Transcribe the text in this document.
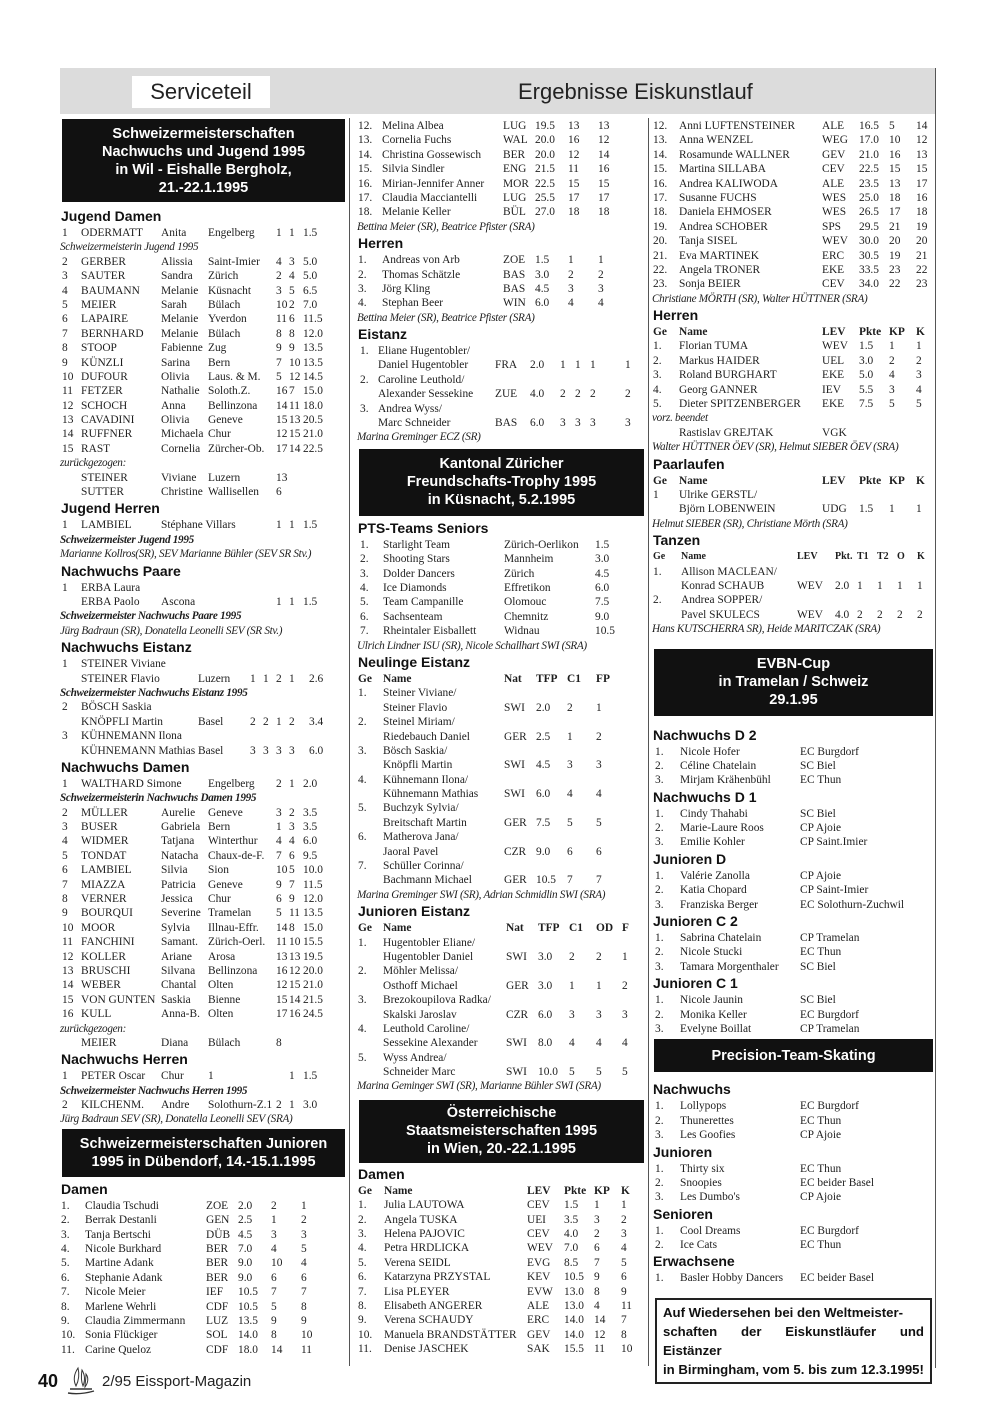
Serviceteil	Ergebnisse Eiskunstlauf
Schweizermeisterschaften
Nachwuchs und Jugend 1995
in Wil - Eishalle Bergholz,
21.-22.1.1995
Jugend Damen
1	ODERMATT	Anita	Engelberg	1 1 1.5
Schweizermeisterin Jugend 1995
2	GERBER	Alissia	Saint-Imier	4 3 5.0
3	SAUTER	Sandra	Zürich	2 4 5.0
4	BAUMANN	Melanie Küsnacht	3 5 6.5
5	MEIER	Sarah	Bülach	10 2 7.0
6	LAPAIRE	Melanie Yverdon	11 6 11.5
7	BERNHARD	Melanie Bülach	8 8 12.0
8	STOOP	Fabienne Zug	9 9 13.5
9	KÜNZLI	Sarina	Bern	7 10 13.5
10 DUFOUR	Olivia	Laus. & M.	5 12 14.5
11 FETZER	Nathalie Soloth.Z.	16 7 15.0
12 SCHOCH	Anna	Bellinzona	14 11 18.0
13 CAVADINI	Olivia	Geneve	15 13 20.5
14 RUFFNER	Michaela Chur	12 15 21.0
15 RAST	Cornelia Zürcher-Ob.	17 14 22.5
zurückgezogen:
STEINER	Viviane	Luzern	13
SUTTER	Christine Wallisellen	6
Jugend Herren
1	LAMBIEL	Stéphane Villars	1 1 1.5
Schweizermeister Jugend 1995
Marianne Kollros(SR), SEV Marianne Bühler (SEV SR Stv.)
Nachwuchs Paare
1	ERBA Laura
ERBA Paolo	Ascona	1 1 1.5
Schweizermeister Nachwuchs Paare 1995
Jürg Badraun (SR), Donatella Leonelli SEV (SR Stv.)
Nachwuchs Eistanz
1	STEINER Viviane
STEINER Flavio	Luzern	1 1 2 1	2.6
Schweizermeister Nachwuchs Eistanz 1995
2	BÖSCH Saskia
KNÖPFLI Martin	Basel	2 2 1 2	3.4
3	KÜHNEMANN Ilona
KÜHNEMANN Mathias Basel	3 3 3 3	6.0
Nachwuchs Damen
1	WALTHARD Simone Engelberg	2 1 2.0
Schweizermeisterin Nachwuchs Damen 1995
2	MÜLLER	Aurelie	Geneve	3 2 3.5
3	BUSER	Gabriela Bern	1 3 3.5
4	WIDMER	Tatjana	Winterthur	4 4 6.0
5	TONDAT	Natacha Chaux-de-F.	7 6 9.5
6	LAMBIEL	Silvia	Sion	10 5 10.0
7	MIAZZA	Patricia	Geneve	9 7 11.5
8	VERNER	Jessica	Chur	6 9 12.0
9	BOURQUI	Severine Tramelan	5 11 13.5
10 MOOR	Sylvia	Illnau-Effr.	14 8 15.0
11 FANCHINI	Samant. Zürich-Oerl. 11 10 15.5
12 KOLLER	Ariane	Arosa	13 13 19.5
13 BRUSCHI	Silvana	Bellinzona	16 12 20.0
14 WEBER	Chantal	Olten	12 15 21.0
15 VON GUNTEN Saskia	Bienne	15 14 21.5
16 KULL	Anna-B. Olten	17 16 24.5
zurückgezogen:
MEIER	Diana	Bülach	8
Nachwuchs Herren
1	PETER Oscar	Chur	1	1 1.5
Schweizermeister Nachwuchs Herren 1995
2	KILCHENM.	Andre	Solothurn-Z.1 2 1 3.0
Jürg Badraun SEV (SR), Donatella Leonelli SEV (SRA)
Schweizermeisterschaften Junioren
1995 in Dübendorf, 14.-15.1.1995
Damen
1.	Claudia Tschudi	ZOE 2.0	2	1
2.	Berrak Destanli	GEN 2.5	1	2
3.	Tanja Bertschi	DÜB 4.5	3	3
4.	Nicole Burkhard	BER 7.0	4	5
5.	Martine Adank	BER 9.0	10	4
6.	Stephanie Adank	BER 9.0	6	6
7.	Nicole Meier	IEF	10.5	7	7
8.	Marlene Wehrli	CDF 10.5	5	8
9.	Claudia Zimmermann	LUZ 13.5	9	9
10. Sonia Flückiger	SOL 14.0	8	10
11. Carine Queloz	CDF 18.0	14	11
12. Melina Albea	LUG 19.5	13	13
13. Cornelia Fuchs	WAL 20.0	16	12
14. Christina Gossewisch	BER 20.0	12	14
15. Silvia Sindler	ENG 21.5	11	16
16. Mirian-Jennifer Anner	MOR 22.5	15	15
17. Claudia Macciantelli	LUG 25.5	17	17
18. Melanie Keller	BÜL 27.0	18	18
Bettina Meier (SR), Beatrice Pfister (SRA)
Herren
1.	Andreas von Arb	ZOE 1.5	1	1
2.	Thomas Schätzle	BAS 3.0	2	2
3.	Jörg Kling	BAS 4.5	3	3
4.	Stephan Beer	WIN 6.0	4	4
Bettina Meier (SR), Beatrice Pfister (SRA)
Eistanz
1. Eliane Hugentobler/
Daniel Hugentobler	FRA	2.0	1 1 1	1
2. Caroline Leuthold/
Alexander Sessekine	ZUE	4.0	2 2 2	2
3. Andrea Wyss/
Marc Schneider	BAS	6.0	3 3 3	3
Marina Greminger ECZ (SR)
Kantonal Züricher
Freundschafts-Trophy 1995
in Küsnacht, 5.2.1995
PTS-Teams Seniors
1.	Starlight Team	Zürich-Oerlikon	1.5
2.	Shooting Stars	Mannheim	3.0
3.	Dolder Dancers	Zürich	4.5
4.	Ice Diamonds	Effretikon	6.0
5.	Team Campanille	Olomouc	7.5
6.	Sachsenteam	Chemnitz	9.0
7.	Rheintaler Eisballett	Widnau	10.5
Ulrich Lindner ISU (SR), Nicole Schallhart SWI (SRA)
Neulinge Eistanz
Ge Name	Nat	TFP C1	FP
1.	Steiner Viviane/
Steiner Flavio	SWI 2.0	2	1
2.	Steinel Miriam/
Riedebauch Daniel	GER 2.5	1	2
3.	Bösch Saskia/
Knöpfli Martin	SWI 4.5	3	3
4.	Kühnemann Ilona/
Kühnemann Mathias	SWI 6.0	4	4
5.	Buchzyk Sylvia/
Breitschaft Martin	GER 7.5	5	5
6.	Matherova Jana/
Jaoral Pavel	CZR 9.0	6	6
7.	Schüller Corinna/
Bachmann Michael	GER 10.5 7	7
Marina Greminger SWI (SR), Adrian Schmidlin SWI (SRA)
Junioren Eistanz
Ge Name	Nat	TFP C1	OD F
1.	Hugentobler Eliane/
Hugentobler Daniel	SWI 3.0	2	2	1
2.	Möhler Melissa/
Osthoff Michael	GER 3.0	1	1	2
3.	Brezokoupilova Radka/
Skalski Jaroslav	CZR 6.0	3	3	3
4.	Leuthold Caroline/
Sessekine Alexander	SWI 8.0	4	4	4
5.	Wyss Andrea/
Schneider Marc	SWI 10.0 5	5	5
Marina Geminger SWI (SR), Marianne Bühler SWI (SRA)
Österreichische
Staatsmeisterschaften 1995
in Wien, 20.-22.1.1995
Damen
Ge	Name	LEV	Pkte KP K
1.	Julia LAUTOWA	CEV	1.5	1	1
2.	Angela TUSKA	UEI	3.5	3	2
3.	Helena PAJOVIC	CEV	4.0	2	3
4.	Petra HRDLICKA	WEV 7.0	6	4
5.	Verena SEIDL	EVG	8.5	7	5
6.	Katarzyna PRZYSTAL	KEV	10.5 9	6
7.	Lisa PLEYER	EVW 13.0 8	9
8.	Elisabeth ANGERER	ALE	13.0 4	11
9.	Verena SCHAUDY	ERC	14.0 14	7
10.	Manuela BRANDSTÄTTER GEV	14.0 12	8
11.	Denise JASCHEK	SAK	15.5 11	10
12.	Anni LUFTENSTEINER	ALE	16.5 5	14
13.	Anna WENZEL	WEG 17.0 10	12
14.	Rosamunde WALLNER	GEV	21.0 16	13
15.	Martina SILLABA	CEV	22.5 15	15
16.	Andrea KALIWODA	ALE	23.5 13	17
17.	Susanne FUCHS	WES	25.0 18	16
18.	Daniela EHMOSER	WES	26.5 17	18
19.	Andrea SCHOBER	SPS	29.5 21	19
20.	Tanja SISEL	WEV 30.0 20	20
21.	Eva MARTINEK	ERC	30.5 19	21
22.	Angela TRONER	EKE	33.5 23	22
23.	Sonja BEIER	CEV	34.0 22	23
Christiane MÖRTH (SR), Walter HÜTTNER (SRA)
Herren
Ge	Name	LEV	Pkte KP K
1.	Florian TUMA	WEV 1.5	1	1
2.	Markus HAIDER	UEL	3.0	2	2
3.	Roland BURGHART	EKE	5.0	4	3
4.	Georg GANNER	IEV	5.5	3	4
5.	Dieter SPITZENBERGER	EKE	7.5	5	5
vorz. beendet
Rastislav GREJTAK	VGK
Walter HÜTTNER ÖEV (SR), Helmut SIEBER ÖEV (SRA)
Paarlaufen
Ge	Name	LEV	Pkte KP K
1	Ulrike GERSTL/
Björn LOBENWEIN	UDG	1.5	1	1
Helmut SIEBER (SR), Christiane Mörth (SRA)
Tanzen
Ge	Name	LEV	Pkt. T1 T2 O	K
1.	Allison MACLEAN/
Konrad SCHAUB	WEV	2.0 1	1	1	1
2.	Andrea SOPPER/
Pavel SKULECS	WEV	4.0 2	2	2	2
Hans KUTSCHERRA SR), Heide MARITCZAK (SRA)
EVBN-Cup
in Tramelan / Schweiz
29.1.95
Nachwuchs D 2
1.	Nicole Hofer	EC Burgdorf
2.	Céline Chatelain	SC Biel
3.	Mirjam Krähenbühl	EC Thun
Nachwuchs D 1
1.	Cindy Thahabi	SC Biel
2.	Marie-Laure Roos	CP Ajoie
3.	Emilie Kohler	CP Saint.Imier
Junioren D
1.	Valérie Zanolla	CP Ajoie
2.	Katia Chopard	CP Saint-Imier
3.	Franziska Berger	EC Solothurn-Zuchwil
Junioren C 2
1.	Sabrina Chatelain	CP Tramelan
2.	Nicole Stucki	EC Thun
3.	Tamara Morgenthaler	SC Biel
Junioren C 1
1.	Nicole Jaunin	SC Biel
2.	Monika Keller	EC Burgdorf
3.	Evelyne Boillat	CP Tramelan
Precision-Team-Skating
Nachwuchs
1.	Lollypops	EC Burgdorf
2.	Thunerettes	EC Thun
3.	Les Goofies	CP Ajoie
Junioren
1.	Thirty six	EC Thun
2.	Snoopies	EC beider Basel
3.	Les Dumbo's	CP Ajoie
Senioren
1.	Cool Dreams	EC Burgdorf
2.	Ice Cats	EC Thun
Erwachsene
1.	Basler Hobby Dancers	EC beider Basel
Auf Wiedersehen bei den Weltmeister-
schaften der Eiskunstläufer und Eistänzer
in Birmingham, vom 5. bis zum 12.3.1995!
40	2/95 Eissport-Magazin
